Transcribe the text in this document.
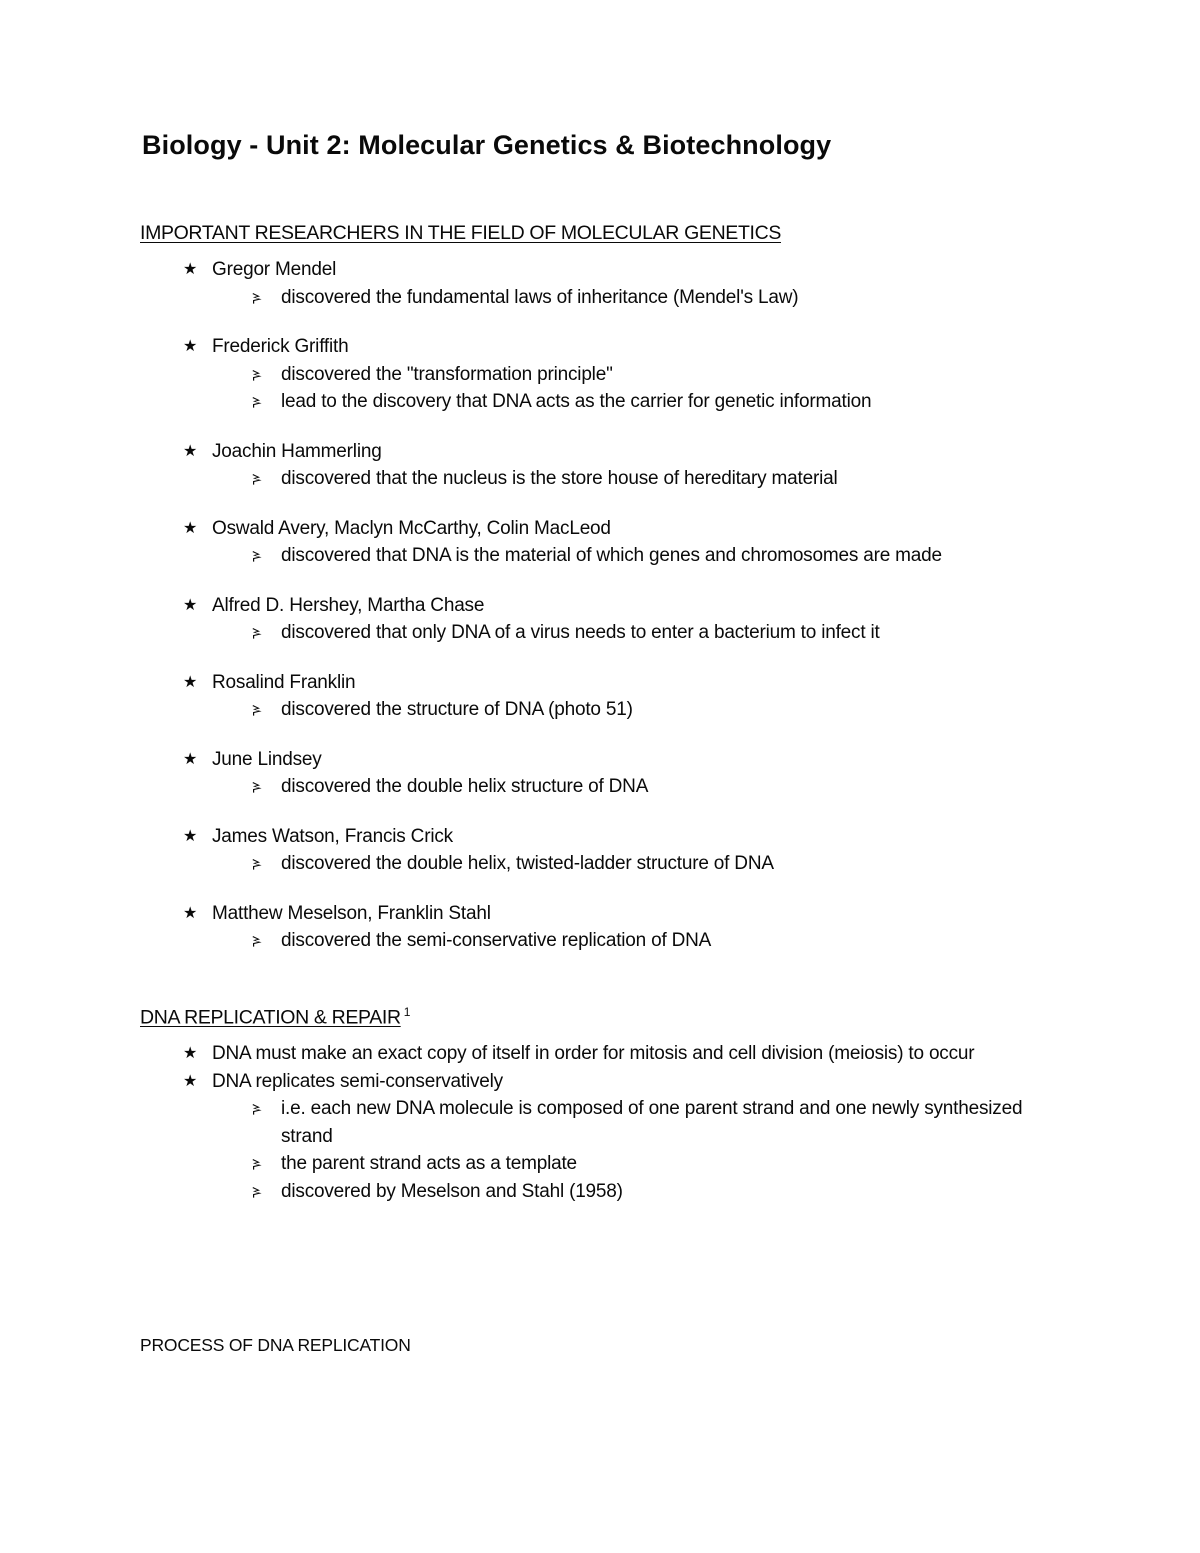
Biology - Unit 2: Molecular Genetics & Biotechnology
IMPORTANT RESEARCHERS IN THE FIELD OF MOLECULAR GENETICS
★ Gregor Mendel
discovered the fundamental laws of inheritance (Mendel's Law)
★ Frederick Griffith
discovered the "transformation principle"
lead to the discovery that DNA acts as the carrier for genetic information
★ Joachin Hammerling
discovered that the nucleus is the store house of hereditary material
★ Oswald Avery, Maclyn McCarthy, Colin MacLeod
discovered that DNA is the material of which genes and chromosomes are made
★ Alfred D. Hershey, Martha Chase
discovered that only DNA of a virus needs to enter a bacterium to infect it
★ Rosalind Franklin
discovered the structure of DNA (photo 51)
★ June Lindsey
discovered the double helix structure of DNA
★ James Watson, Francis Crick
discovered the double helix, twisted-ladder structure of DNA
★ Matthew Meselson, Franklin Stahl
discovered the semi-conservative replication of DNA
DNA REPLICATION & REPAIR $^1$
★ DNA must make an exact copy of itself in order for mitosis and cell division (meiosis) to occur
★ DNA replicates semi-conservatively
i.e. each new DNA molecule is composed of one parent strand and one newly synthesized strand
the parent strand acts as a template
discovered by Meselson and Stahl (1958)
PROCESS OF DNA REPLICATION
